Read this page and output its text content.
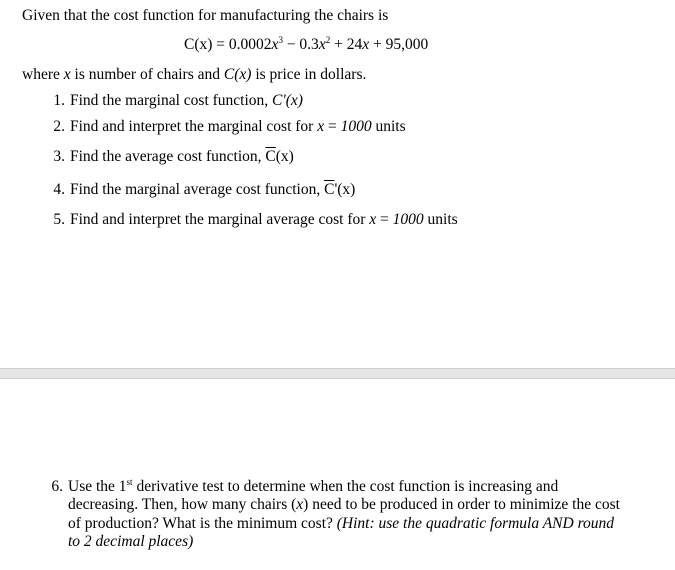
Given that the cost function for manufacturing the chairs is
$C(x) = 0.0002x^3 - 0.3x^2 + 24x + 95,000$
where x is number of chairs and C(x) is price in dollars.
1. Find the marginal cost function, C'(x)
2. Find and interpret the marginal cost for x = 1000 units
3. Find the average cost function, $\overline{C}(x)$
4. Find the marginal average cost function, $\overline{C}'(x)$
5. Find and interpret the marginal average cost for x = 1000 units
6. Use the 1st derivative test to determine when the cost function is increasing and decreasing. Then, how many chairs (x) need to be produced in order to minimize the cost of production? What is the minimum cost? (Hint: use the quadratic formula AND round to 2 decimal places)
